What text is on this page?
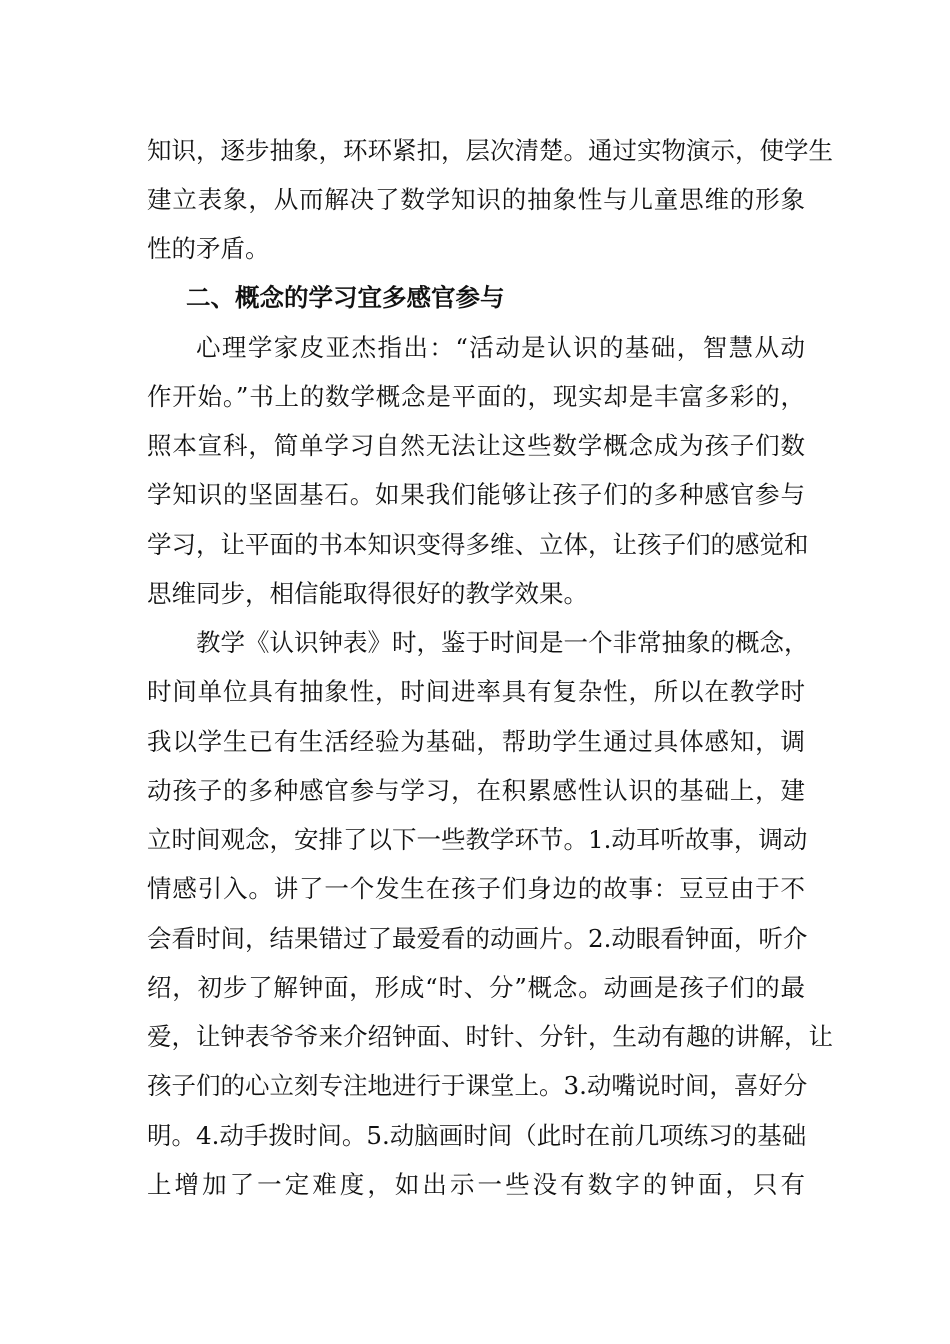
知识，逐步抽象，环环紧扣，层次清楚。通过实物演示，使学生
建立表象，从而解决了数学知识的抽象性与儿童思维的形象
性的矛盾。
二、概念的学习宜多感官参与
心理学家皮亚杰指出：“活动是认识的基础，智慧从动
作开始。”书上的数学概念是平面的，现实却是丰富多彩的，
照本宣科，简单学习自然无法让这些数学概念成为孩子们数
学知识的坚固基石。如果我们能够让孩子们的多种感官参与
学习，让平面的书本知识变得多维、立体，让孩子们的感觉和
思维同步，相信能取得很好的教学效果。
教学《认识钟表》时，鉴于时间是一个非常抽象的概念，
时间单位具有抽象性，时间进率具有复杂性，所以在教学时
我以学生已有生活经验为基础，帮助学生通过具体感知，调
动孩子的多种感官参与学习，在积累感性认识的基础上，建
立时间观念，安排了以下一些教学环节。1.动耳听故事，调动
情感引入。讲了一个发生在孩子们身边的故事：豆豆由于不
会看时间，结果错过了最爱看的动画片。2.动眼看钟面，听介
绍，初步了解钟面，形成“时、分”概念。动画是孩子们的最
爱，让钟表爷爷来介绍钟面、时针、分针，生动有趣的讲解，让
孩子们的心立刻专注地进行于课堂上。3.动嘴说时间，喜好分
明。4.动手拨时间。5.动脑画时间（此时在前几项练习的基础
上增加了一定难度，如出示一些没有数字的钟面，只有
